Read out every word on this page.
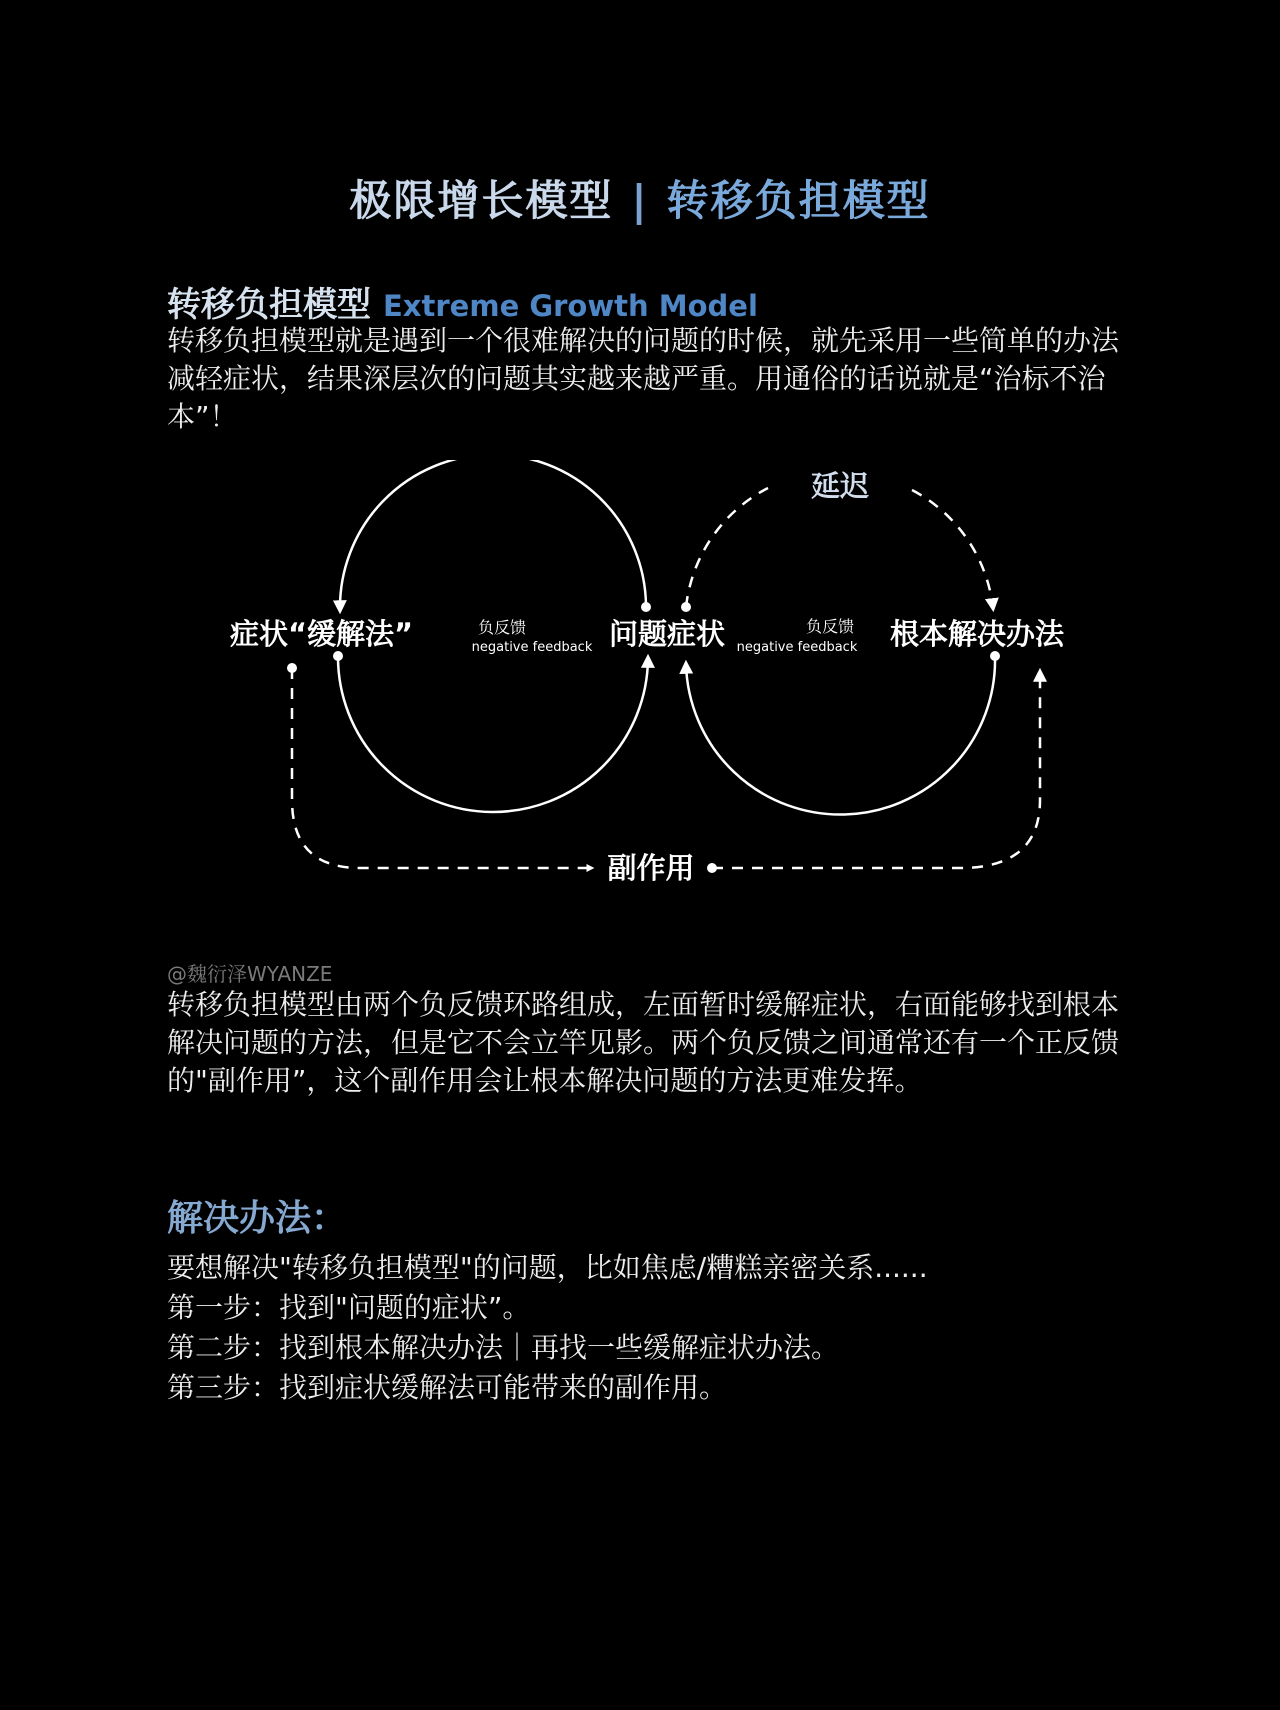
极限增长模型 | 转移负担模型
转移负担模型 Extreme Growth Model
转移负担模型就是遇到一个很难解决的问题的时候，就先采用一些简单的办法减轻症状，结果深层次的问题其实越来越严重。用通俗的话说就是“治标不治本”！
症状“缓解法”	问题症状	根本解决办法
延迟
副作用
负反馈
negative feedback
负反馈
negative feedback
@魏衍泽WYANZE
转移负担模型由两个负反馈环路组成，左面暂时缓解症状，右面能够找到根本解决问题的方法，但是它不会立竿见影。两个负反馈之间通常还有一个正反馈的"副作用”，这个副作用会让根本解决问题的方法更难发挥。
解决办法：
要想解决"转移负担模型"的问题，比如焦虑/糟糕亲密关系......
第一步：找到"问题的症状”。
第二步：找到根本解决办法｜再找一些缓解症状办法。
第三步：找到症状缓解法可能带来的副作用。
